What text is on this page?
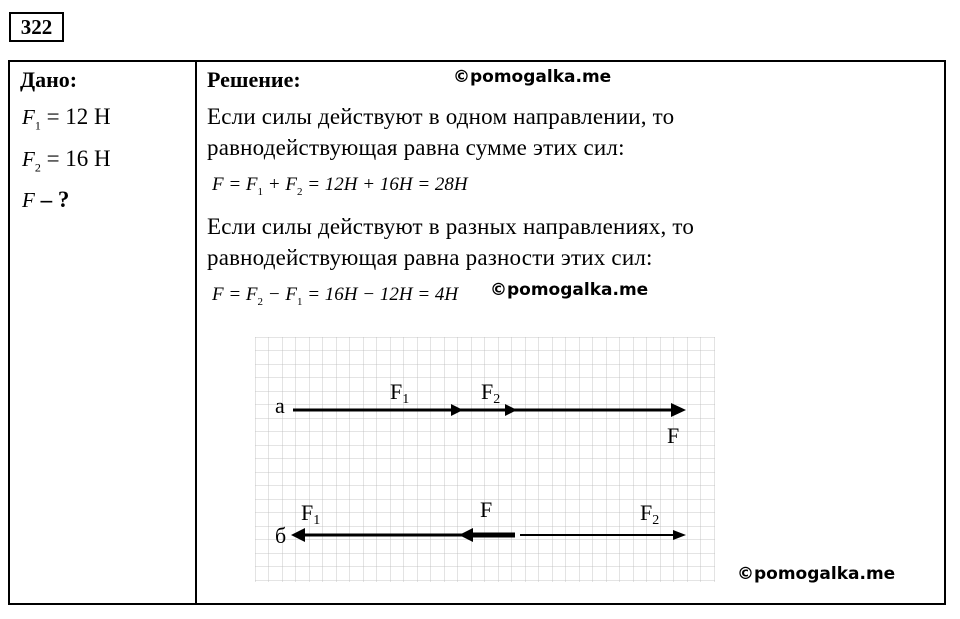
322
Дано:
$F_1 = 12$ Н
$F_2 = 16$ Н
F – ?
Решение:	©pomogalka.me
Если силы действуют в одном направлении, то
равнодействующая равна сумме этих сил:
$F = F_1 + F_2 = 12H + 16H = 28H$
Если силы действуют в разных направлениях, то
равнодействующая равна разности этих сил:
$F = F_2 - F_1 = 16H - 12H = 4H$ ©pomogalka.me
©pomogalka.me
а
F1	F2
F
б
F1	F	F2
